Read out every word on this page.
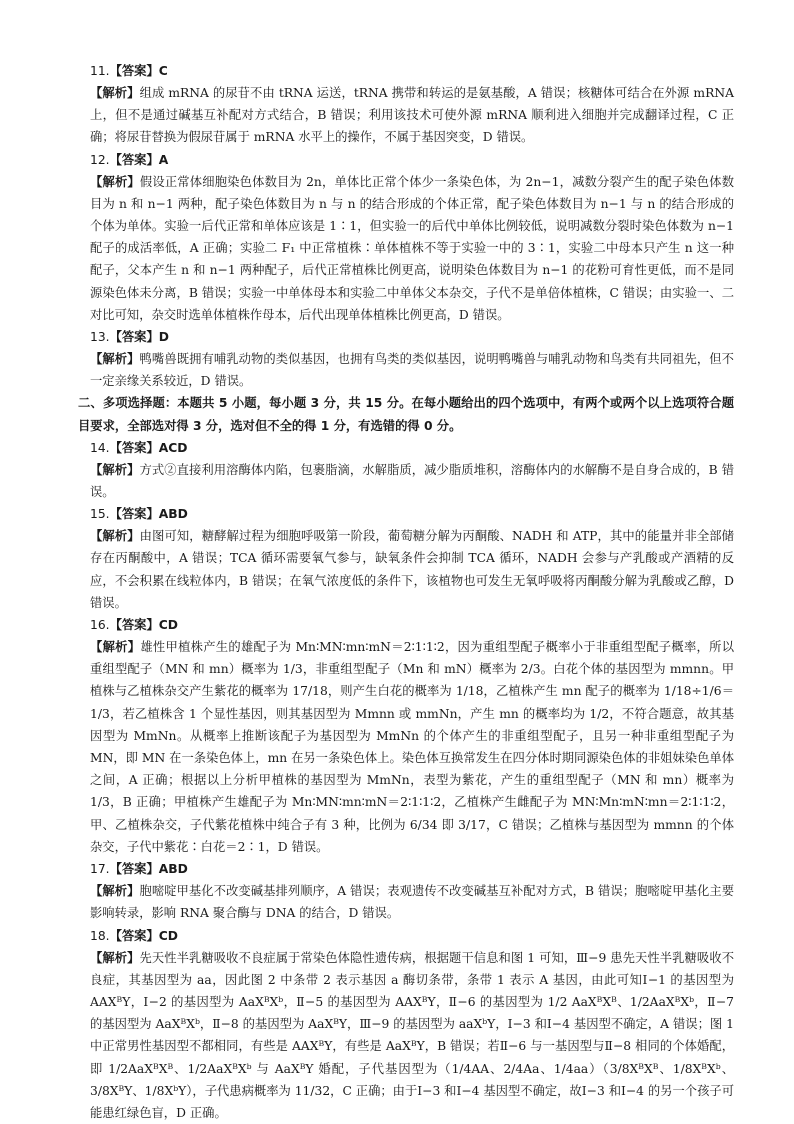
11.【答案】C

【解析】组成 mRNA 的尿苷不由 tRNA 运送，tRNA 携带和转运的是氨基酸，A 错误；核糖体可结合在外源 mRNA 上，但不是通过碱基互补配对方式结合，B 错误；利用该技术可使外源 mRNA 顺利进入细胞并完成翻译过程，C 正确；将尿苷替换为假尿苷属于 mRNA 水平上的操作，不属于基因突变，D 错误。

12.【答案】A

【解析】假设正常体细胞染色体数目为 2n，单体比正常个体少一条染色体，为 2n−1，减数分裂产生的配子染色体数目为 n 和 n−1 两种，配子染色体数目为 n 与 n 的结合形成的个体正常，配子染色体数目为 n−1 与 n 的结合形成的个体为单体。实验一后代正常和单体应该是 1∶1，但实验一的后代中单体比例较低，说明减数分裂时染色体数为 n−1 配子的成活率低，A 正确；实验二 F₁ 中正常植株∶单体植株不等于实验一中的 3∶1，实验二中母本只产生 n 这一种配子，父本产生 n 和 n−1 两种配子，后代正常植株比例更高，说明染色体数目为 n−1 的花粉可育性更低，而不是同源染色体未分离，B 错误；实验一中单体母本和实验二中单体父本杂交，子代不是单倍体植株，C 错误；由实验一、二对比可知，杂交时选单体植株作母本，后代出现单体植株比例更高，D 错误。

13.【答案】D

【解析】鸭嘴兽既拥有哺乳动物的类似基因，也拥有鸟类的类似基因，说明鸭嘴兽与哺乳动物和鸟类有共同祖先，但不一定亲缘关系较近，D 错误。

二、多项选择题：本题共 5 小题，每小题 3 分，共 15 分。在每小题给出的四个选项中，有两个或两个以上选项符合题目要求，全部选对得 3 分，选对但不全的得 1 分，有选错的得 0 分。
14.【答案】ACD

【解析】方式②直接利用溶酶体内陷，包裹脂滴，水解脂质，减少脂质堆积，溶酶体内的水解酶不是自身合成的，B 错误。

15.【答案】ABD

【解析】由图可知，糖酵解过程为细胞呼吸第一阶段，葡萄糖分解为丙酮酸、NADH 和 ATP，其中的能量并非全部储存在丙酮酸中，A 错误；TCA 循环需要氧气参与，缺氧条件会抑制 TCA 循环，NADH 会参与产乳酸或产酒精的反应，不会积累在线粒体内，B 错误；在氧气浓度低的条件下，该植物也可发生无氧呼吸将丙酮酸分解为乳酸或乙醇，D 错误。

16.【答案】CD

【解析】雄性甲植株产生的雄配子为 Mn∶MN∶mn∶mN＝2∶1∶1∶2，因为重组型配子概率小于非重组型配子概率，所以重组型配子（MN 和 mn）概率为 1/3，非重组型配子（Mn 和 mN）概率为 2/3。白花个体的基因型为 mmnn。甲植株与乙植株杂交产生紫花的概率为 17/18，则产生白花的概率为 1/18，乙植株产生 mn 配子的概率为 1/18÷1/6＝1/3，若乙植株含 1 个显性基因，则其基因型为 Mmnn 或 mmNn，产生 mn 的概率均为 1/2，不符合题意，故其基因型为 MmNn。从概率上推断该配子为基因型为 MmNn 的个体产生的非重组型配子，且另一种非重组型配子为 MN，即 MN 在一条染色体上，mn 在另一条染色体上。染色体互换常发生在四分体时期同源染色体的非姐妹染色单体之间，A 正确；根据以上分析甲植株的基因型为 MmNn，表型为紫花，产生的重组型配子（MN 和 mn）概率为 1/3，B 正确；甲植株产生雄配子为 Mn∶MN∶mn∶mN＝2∶1∶1∶2，乙植株产生雌配子为 MN∶Mn∶mN∶mn＝2∶1∶1∶2，甲、乙植株杂交，子代紫花植株中纯合子有 3 种，比例为 6/34 即 3/17，C 错误；乙植株与基因型为 mmnn 的个体杂交，子代中紫花∶白花＝2∶1，D 错误。

17.【答案】ABD

【解析】胞嘧啶甲基化不改变碱基排列顺序，A 错误；表观遗传不改变碱基互补配对方式，B 错误；胞嘧啶甲基化主要影响转录，影响 RNA 聚合酶与 DNA 的结合，D 错误。

18.【答案】CD

【解析】先天性半乳糖吸收不良症属于常染色体隐性遗传病，根据题干信息和图 1 可知，Ⅲ−9 患先天性半乳糖吸收不良症，其基因型为 aa，因此图 2 中条带 2 表示基因 a 酶切条带，条带 1 表示 A 基因，由此可知Ⅰ−1 的基因型为 AAXᴮY，Ⅰ−2 的基因型为 AaXᴮXᵇ，Ⅱ−5 的基因型为 AAXᴮY，Ⅱ−6 的基因型为 1/2 AaXᴮXᴮ、1/2AaXᴮXᵇ，Ⅱ−7 的基因型为 AaXᴮXᵇ，Ⅱ−8 的基因型为 AaXᴮY，Ⅲ−9 的基因型为 aaXᵇY，Ⅰ−3 和Ⅰ−4 基因型不确定，A 错误；图 1 中正常男性基因型不都相同，有些是 AAXᴮY，有些是 AaXᴮY，B 错误；若Ⅱ−6 与一基因型与Ⅱ−8 相同的个体婚配，即 1/2AaXᴮXᴮ、1/2AaXᴮXᵇ 与 AaXᴮY 婚配，子代基因型为（1/4AA、2/4Aa、1/4aa）（3/8XᴮXᴮ、1/8XᴮXᵇ、3/8XᴮY、1/8XᵇY），子代患病概率为 11/32，C 正确；由于Ⅰ−3 和Ⅰ−4 基因型不确定，故Ⅰ−3 和Ⅰ−4 的另一个孩子可能患红绿色盲，D 正确。
